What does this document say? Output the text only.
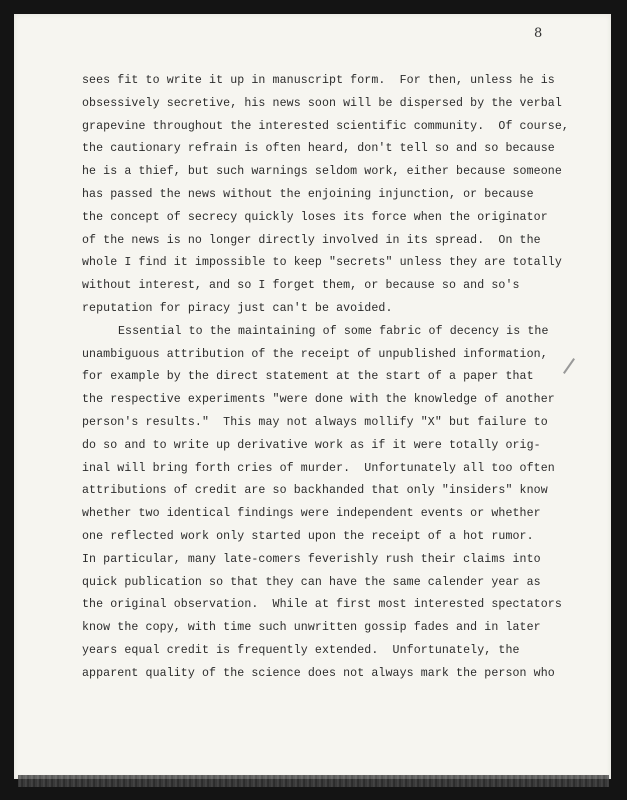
8
sees fit to write it up in manuscript form.  For then, unless he is
obsessively secretive, his news soon will be dispersed by the verbal
grapevine throughout the interested scientific community.  Of course,
the cautionary refrain is often heard, don't tell so and so because
he is a thief, but such warnings seldom work, either because someone
has passed the news without the enjoining injunction, or because
the concept of secrecy quickly loses its force when the originator
of the news is no longer directly involved in its spread.  On the
whole I find it impossible to keep "secrets" unless they are totally
without interest, and so I forget them, or because so and so's
reputation for piracy just can't be avoided.
Essential to the maintaining of some fabric of decency is the
unambiguous attribution of the receipt of unpublished information,
for example by the direct statement at the start of a paper that
the respective experiments "were done with the knowledge of another
person's results."  This may not always mollify "X" but failure to
do so and to write up derivative work as if it were totally orig-
inal will bring forth cries of murder.  Unfortunately all too often
attributions of credit are so backhanded that only "insiders" know
whether two identical findings were independent events or whether
one reflected work only started upon the receipt of a hot rumor.
In particular, many late-comers feverishly rush their claims into
quick publication so that they can have the same calender year as
the original observation.  While at first most interested spectators
know the copy, with time such unwritten gossip fades and in later
years equal credit is frequently extended.  Unfortunately, the
apparent quality of the science does not always mark the person who
